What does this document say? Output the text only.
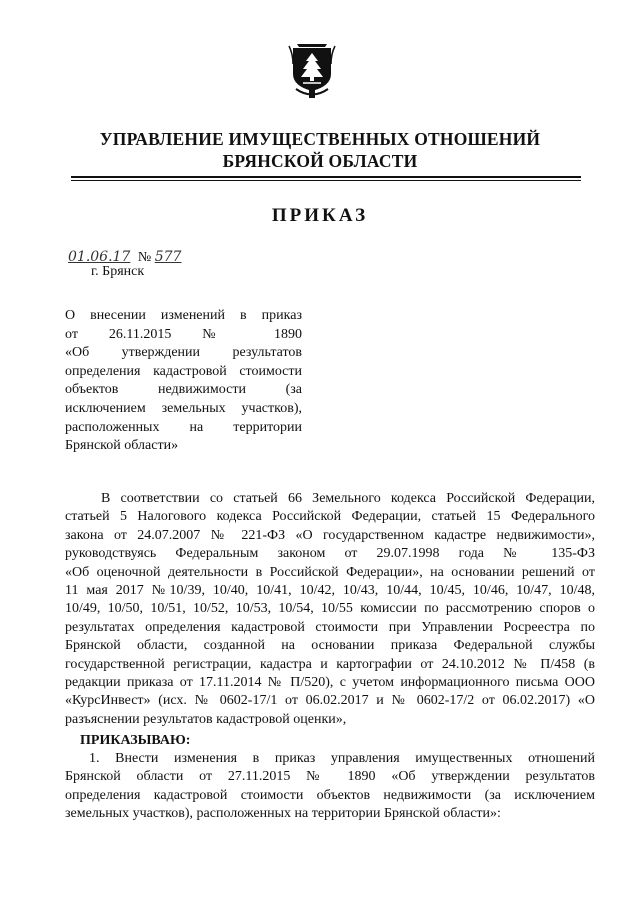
УПРАВЛЕНИЕ ИМУЩЕСТВЕННЫХ ОТНОШЕНИЙ
БРЯНСКОЙ ОБЛАСТИ
ПРИКАЗ
01.06.17 № 577
г. Брянск
О внесении изменений в приказ
от 26.11.2015 № 1890
«Об утверждении результатов
определения кадастровой стоимости
объектов недвижимости (за
исключением земельных участков),
расположенных на территории
Брянской области»
В соответствии со статьей 66 Земельного кодекса Российской Федерации,
статьей 5 Налогового кодекса Российской Федерации, статьей 15 Федерального
закона от 24.07.2007 № 221-ФЗ «О государственном кадастре недвижимости»,
руководствуясь Федеральным законом от 29.07.1998 года № 135-ФЗ
«Об оценочной деятельности в Российской Федерации», на основании решений от
11 мая 2017 №10/39, 10/40, 10/41, 10/42, 10/43, 10/44, 10/45, 10/46, 10/47, 10/48,
10/49, 10/50, 10/51, 10/52, 10/53, 10/54, 10/55 комиссии по рассмотрению споров о
результатах определения кадастровой стоимости при Управлении Росреестра по
Брянской области, созданной на основании приказа Федеральной службы
государственной регистрации, кадастра и картографии от 24.10.2012 № П/458 (в
редакции приказа от 17.11.2014 № П/520), с учетом информационного письма ООО
«КурсИнвест» (исх. № 0602-17/1 от 06.02.2017 и № 0602-17/2 от 06.02.2017) «О
разъяснении результатов кадастровой оценки»,
ПРИКАЗЫВАЮ:
1. Внести изменения в приказ управления имущественных отношений
Брянской области от 27.11.2015 № 1890 «Об утверждении результатов
определения кадастровой стоимости объектов недвижимости (за исключением
земельных участков), расположенных на территории Брянской области»:
